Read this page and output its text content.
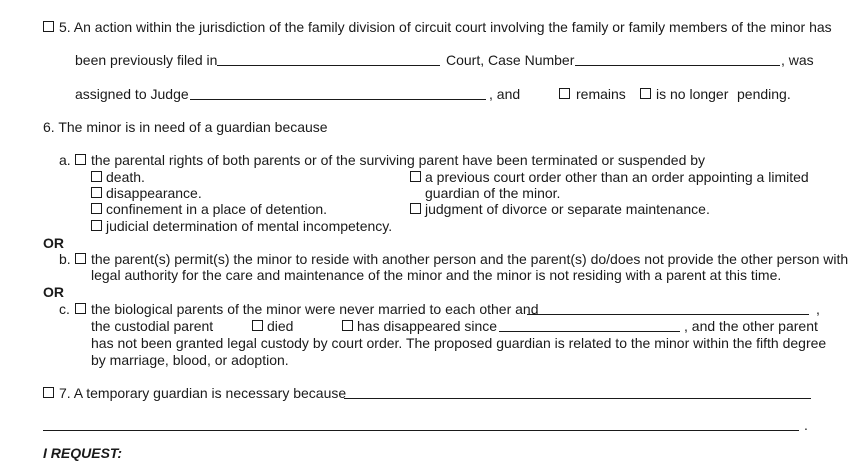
5. An action within the jurisdiction of the family division of circuit court involving the family or family members of the minor has
been previously filed in	Court, Case Number	, was
assigned to Judge	, and	remains is no longer pending.
6. The minor is in need of a guardian because
a. the parental rights of both parents or of the surviving parent have been terminated or suspended by
death.	a previous court order other than an order appointing a limited
disappearance.	guardian of the minor.
confinement in a place of detention.	judgment of divorce or separate maintenance.
judicial determination of mental incompetency.
OR
b. the parent(s) permit(s) the minor to reside with another person and the parent(s) do/does not provide the other person with
legal authority for the care and maintenance of the minor and the minor is not residing with a parent at this time.
OR
c. the biological parents of the minor were never married to each other and	,
the custodial parent	died	has disappeared since	, and the other parent
has not been granted legal custody by court order. The proposed guardian is related to the minor within the fifth degree
by marriage, blood, or adoption.
7. A temporary guardian is necessary because
.
I REQUEST:
